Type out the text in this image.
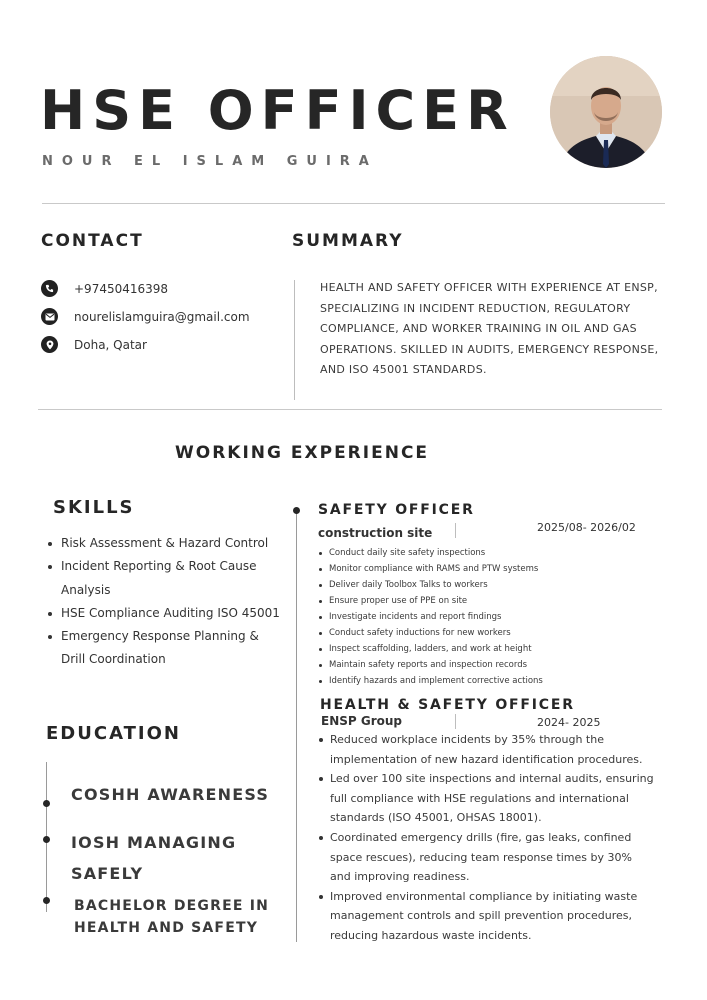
HSE OFFICER
NOUR EL ISLAM GUIRA
CONTACT
+97450416398
nourelislamguira@gmail.com
Doha, Qatar
SUMMARY
HEALTH AND SAFETY OFFICER WITH EXPERIENCE AT ENSP, SPECIALIZING IN INCIDENT REDUCTION, REGULATORY COMPLIANCE, AND WORKER TRAINING IN OIL AND GAS OPERATIONS. SKILLED IN AUDITS, EMERGENCY RESPONSE, AND ISO 45001 STANDARDS.
WORKING EXPERIENCE
SKILLS
Risk Assessment & Hazard Control
Incident Reporting & Root Cause Analysis
HSE Compliance Auditing ISO 45001
Emergency Response Planning & Drill Coordination
EDUCATION
COSHH AWARENESS
IOSH MANAGING SAFELY
BACHELOR DEGREE IN HEALTH AND SAFETY
SAFETY OFFICER
construction site	2025/08- 2026/02
Conduct daily site safety inspections
Monitor compliance with RAMS and PTW systems
Deliver daily Toolbox Talks to workers
Ensure proper use of PPE on site
Investigate incidents and report findings
Conduct safety inductions for new workers
Inspect scaffolding, ladders, and work at height
Maintain safety reports and inspection records
Identify hazards and implement corrective actions
HEALTH & SAFETY OFFICER
ENSP Group	2024- 2025
Reduced workplace incidents by 35% through the implementation of new hazard identification procedures.
Led over 100 site inspections and internal audits, ensuring full compliance with HSE regulations and international standards (ISO 45001, OHSAS 18001).
Coordinated emergency drills (fire, gas leaks, confined space rescues), reducing team response times by 30% and improving readiness.
Improved environmental compliance by initiating waste management controls and spill prevention procedures, reducing hazardous waste incidents.
